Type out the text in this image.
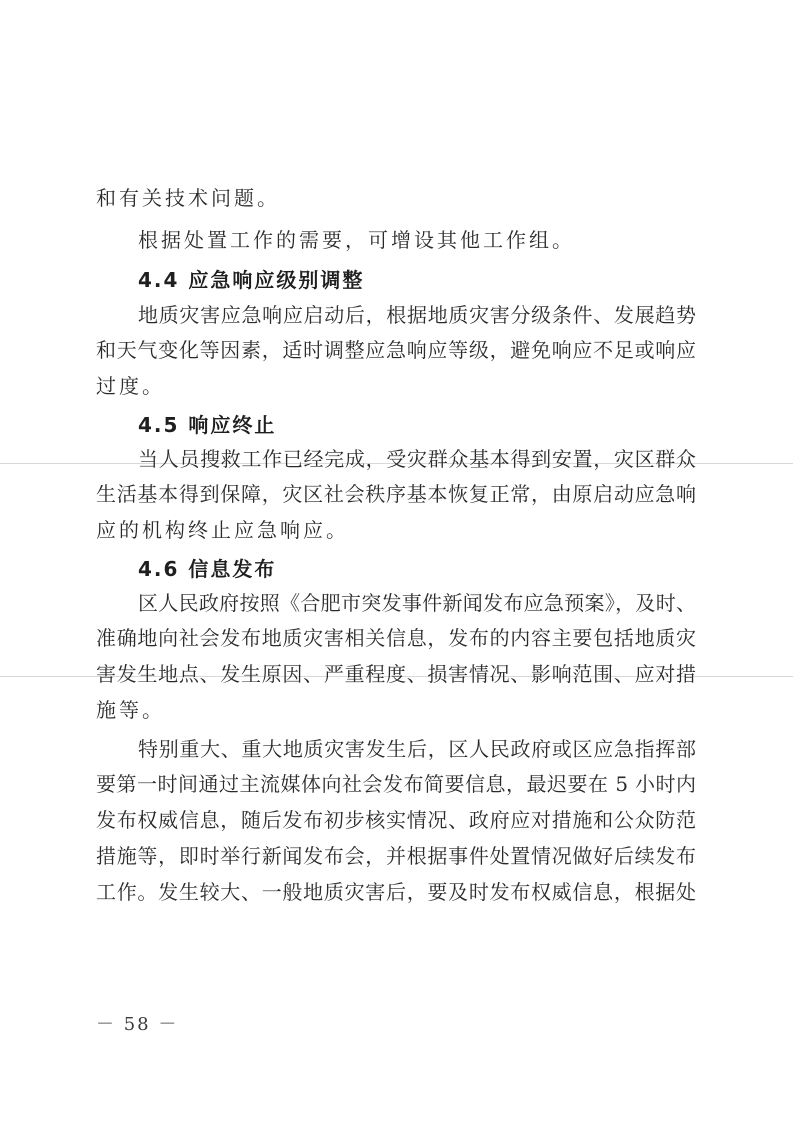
和有关技术问题。
根据处置工作的需要，可增设其他工作组。
4.4 应急响应级别调整
地质灾害应急响应启动后，根据地质灾害分级条件、发展趋势
和天气变化等因素，适时调整应急响应等级，避免响应不足或响应
过度。
4.5 响应终止
当人员搜救工作已经完成，受灾群众基本得到安置，灾区群众
生活基本得到保障，灾区社会秩序基本恢复正常，由原启动应急响
应的机构终止应急响应。
4.6 信息发布
区人民政府按照《合肥市突发事件新闻发布应急预案》，及时、
准确地向社会发布地质灾害相关信息，发布的内容主要包括地质灾
害发生地点、发生原因、严重程度、损害情况、影响范围、应对措
施等。
特别重大、重大地质灾害发生后，区人民政府或区应急指挥部
要第一时间通过主流媒体向社会发布简要信息，最迟要在 5 小时内
发布权威信息，随后发布初步核实情况、政府应对措施和公众防范
措施等，即时举行新闻发布会，并根据事件处置情况做好后续发布
工作。发生较大、一般地质灾害后，要及时发布权威信息，根据处
－ 58 －
